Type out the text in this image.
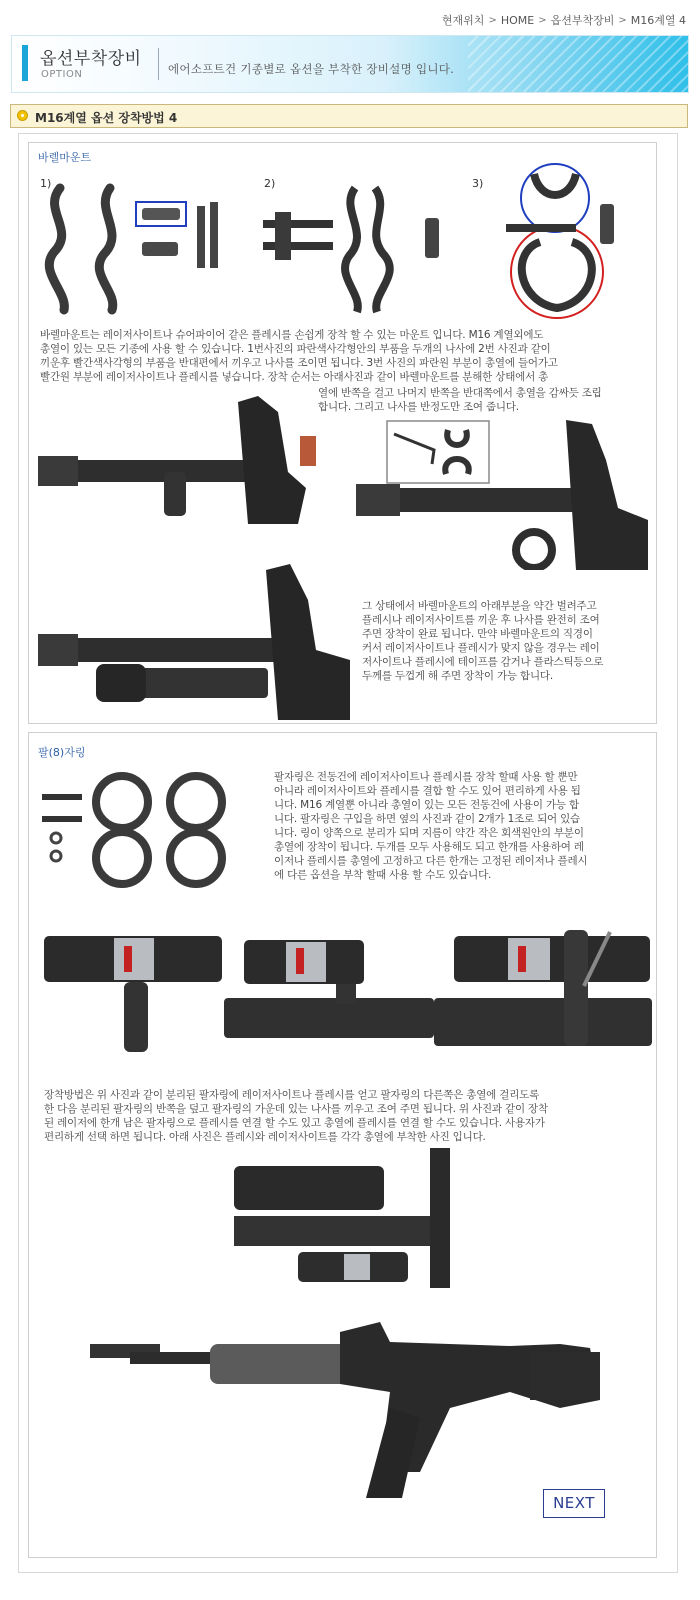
현재위치 > HOME > 옵션부착장비 > M16계열 4
옵션부착장비
OPTION	에어소프트건 기종별로 옵션을 부착한 장비설명 입니다.
M16계열 옵션 장착방법 4
바렐마운트
1)	2)	3)
바렐마운트는 레이저사이트나 슈어파이어 같은 플레시를 손쉽게 장착 할 수 있는 마운트 입니다. M16 계열외에도
총열이 있는 모든 기종에 사용 할 수 있습니다. 1번사진의 파란색사각형안의 부품을 두개의 나사에 2번 사진과 같이
끼운후 빨간색사각형의 부품을 반대편에서 끼우고 나사를 조이면 됩니다. 3번 사진의 파란원 부분이 총열에 들어가고
빨간원 부분에 레이저사이트나 플레시를 넣습니다. 장착 순서는 아래사진과 같이 바렐마운트를 분해한 상태에서 총
열에 반쪽을 걸고 나머지 반쪽을 반대쪽에서 총열을 감싸듯 조립
합니다. 그리고 나사를 반정도만 조여 줍니다.
그 상태에서 바렐마운트의 아래부분을 약간 벌려주고
플레시나 레이저사이트를 끼운 후 나사를 완전히 조여
주면 장착이 완료 됩니다. 만약 바렐마운트의 직경이
커서 레이저사이트나 플레시가 맞지 않을 경우는 레이
저사이트나 플레시에 테이프를 감거나 플라스틱등으로
두께를 두껍게 해 주면 장착이 가능 합니다.
팔(8)자링
팔자링은 전동건에 레이저사이트나 플레시를 장착 할때 사용 할 뿐만
아니라 레이저사이트와 플레시를 결합 할 수도 있어 편리하게 사용 됩
니다. M16 계열뿐 아니라 총열이 있는 모든 전동건에 사용이 가능 합
니다. 팔자링은 구입을 하면 옆의 사진과 같이 2개가 1조로 되어 있습
니다. 링이 양쪽으로 분리가 되며 지름이 약간 작은 회색원안의 부분이
총열에 장착이 됩니다. 두개를 모두 사용해도 되고 한개를 사용하여 레
이저나 플레시를 총열에 고정하고 다른 한개는 고정된 레이저나 플레시
에 다른 옵션을 부착 할때 사용 할 수도 있습니다.
장착방법은 위 사진과 같이 분리된 팔자링에 레이저사이트나 플레시를 얻고 팔자링의 다른쪽은 총열에 걸리도록
한 다음 분리된 팔자링의 반쪽을 덮고 팔자링의 가운데 있는 나사를 끼우고 조여 주면 됩니다. 위 사진과 같이 장착
된 레이저에 한개 남은 팔자링으로 플레시를 연결 할 수도 있고 총열에 플레시를 연결 할 수도 있습니다. 사용자가
편리하게 선택 하면 됩니다. 아래 사진은 플레시와 레이저사이트를 각각 총열에 부착한 사진 입니다.
NEXT
